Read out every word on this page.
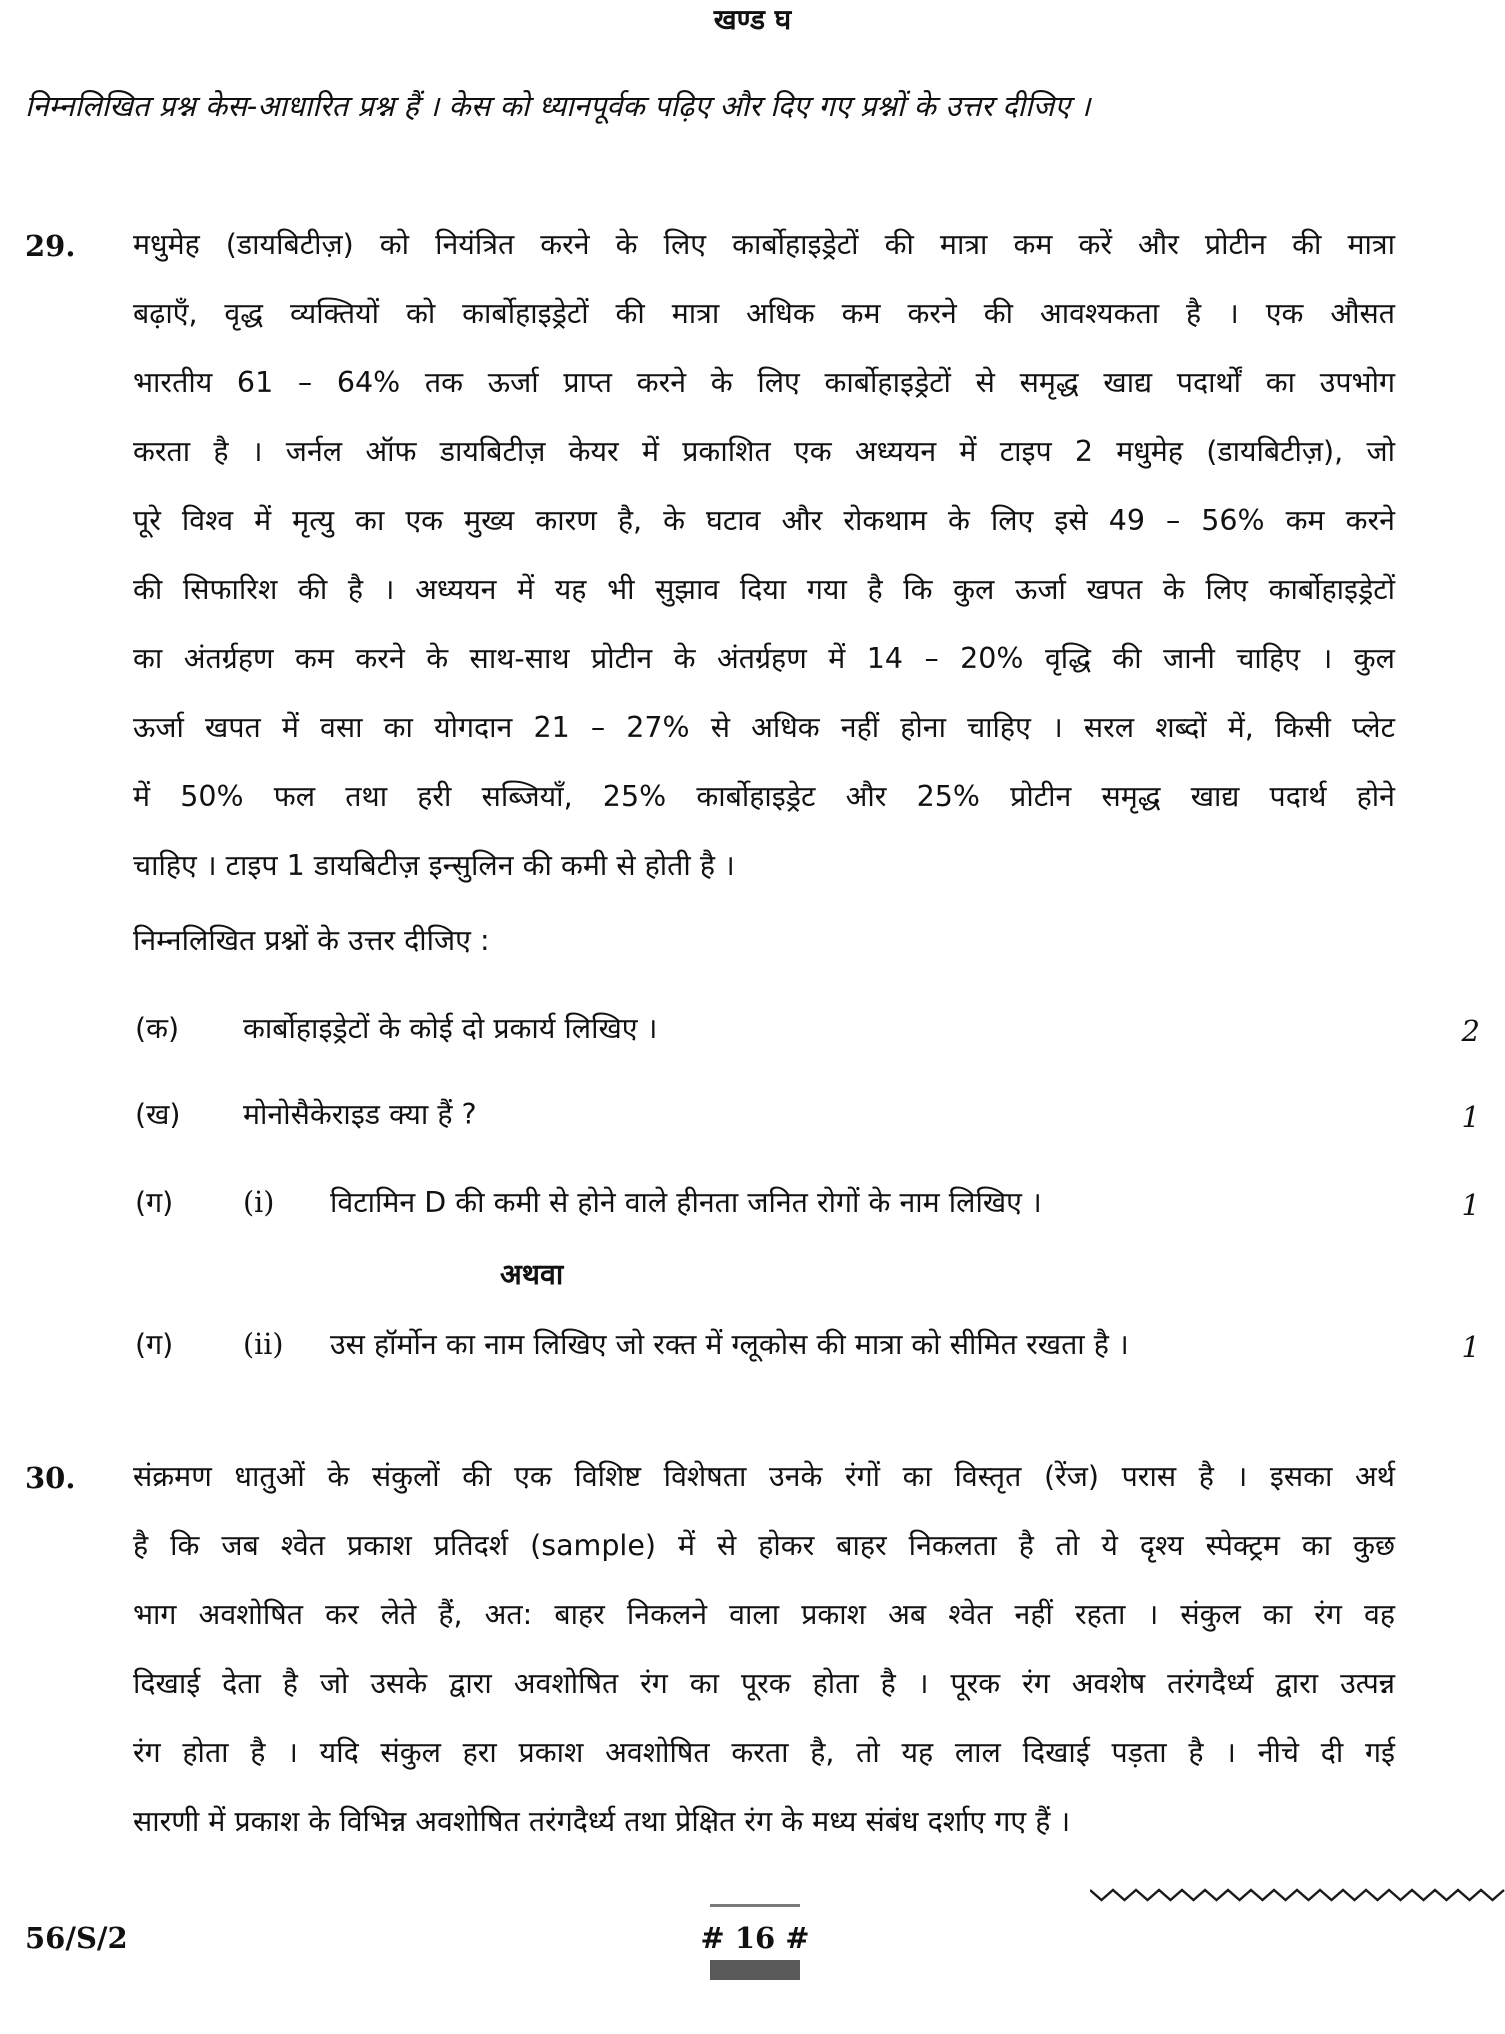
खण्ड घ
निम्नलिखित प्रश्न केस-आधारित प्रश्न हैं । केस को ध्यानपूर्वक पढ़िए और दिए गए प्रश्नों के उत्तर दीजिए ।
29. मधुमेह (डायबिटीज़) को नियंत्रित करने के लिए कार्बोहाइड्रेटों की मात्रा कम करें और प्रोटीन की मात्रा
बढ़ाएँ, वृद्ध व्यक्तियों को कार्बोहाइड्रेटों की मात्रा अधिक कम करने की आवश्यकता है । एक औसत
भारतीय 61 – 64% तक ऊर्जा प्राप्त करने के लिए कार्बोहाइड्रेटों से समृद्ध खाद्य पदार्थों का उपभोग
करता है । जर्नल ऑफ डायबिटीज़ केयर में प्रकाशित एक अध्ययन में टाइप 2 मधुमेह (डायबिटीज़), जो
पूरे विश्व में मृत्यु का एक मुख्य कारण है, के घटाव और रोकथाम के लिए इसे 49 – 56% कम करने
की सिफारिश की है । अध्ययन में यह भी सुझाव दिया गया है कि कुल ऊर्जा खपत के लिए कार्बोहाइड्रेटों
का अंतर्ग्रहण कम करने के साथ-साथ प्रोटीन के अंतर्ग्रहण में 14 – 20% वृद्धि की जानी चाहिए । कुल
ऊर्जा खपत में वसा का योगदान 21 – 27% से अधिक नहीं होना चाहिए । सरल शब्दों में, किसी प्लेट
में 50% फल तथा हरी सब्जियाँ, 25% कार्बोहाइड्रेट और 25% प्रोटीन समृद्ध खाद्य पदार्थ होने
चाहिए । टाइप 1 डायबिटीज़ इन्सुलिन की कमी से होती है ।
निम्नलिखित प्रश्नों के उत्तर दीजिए :
(क) कार्बोहाइड्रेटों के कोई दो प्रकार्य लिखिए ।	2
(ख) मोनोसैकेराइड क्या हैं ?	1
(ग) (i) विटामिन D की कमी से होने वाले हीनता जनित रोगों के नाम लिखिए ।	1
अथवा
(ग) (ii) उस हॉर्मोन का नाम लिखिए जो रक्त में ग्लूकोस की मात्रा को सीमित रखता है ।	1
30. संक्रमण धातुओं के संकुलों की एक विशिष्ट विशेषता उनके रंगों का विस्तृत (रेंज) परास है । इसका अर्थ
है कि जब श्वेत प्रकाश प्रतिदर्श (sample) में से होकर बाहर निकलता है तो ये दृश्य स्पेक्ट्रम का कुछ
भाग अवशोषित कर लेते हैं, अत: बाहर निकलने वाला प्रकाश अब श्वेत नहीं रहता । संकुल का रंग वह
दिखाई देता है जो उसके द्वारा अवशोषित रंग का पूरक होता है । पूरक रंग अवशेष तरंगदैर्ध्य द्वारा उत्पन्न
रंग होता है । यदि संकुल हरा प्रकाश अवशोषित करता है, तो यह लाल दिखाई पड़ता है । नीचे दी गई
सारणी में प्रकाश के विभिन्न अवशोषित तरंगदैर्ध्य तथा प्रेक्षित रंग के मध्य संबंध दर्शाए गए हैं ।
56/S/2	# 16 #
